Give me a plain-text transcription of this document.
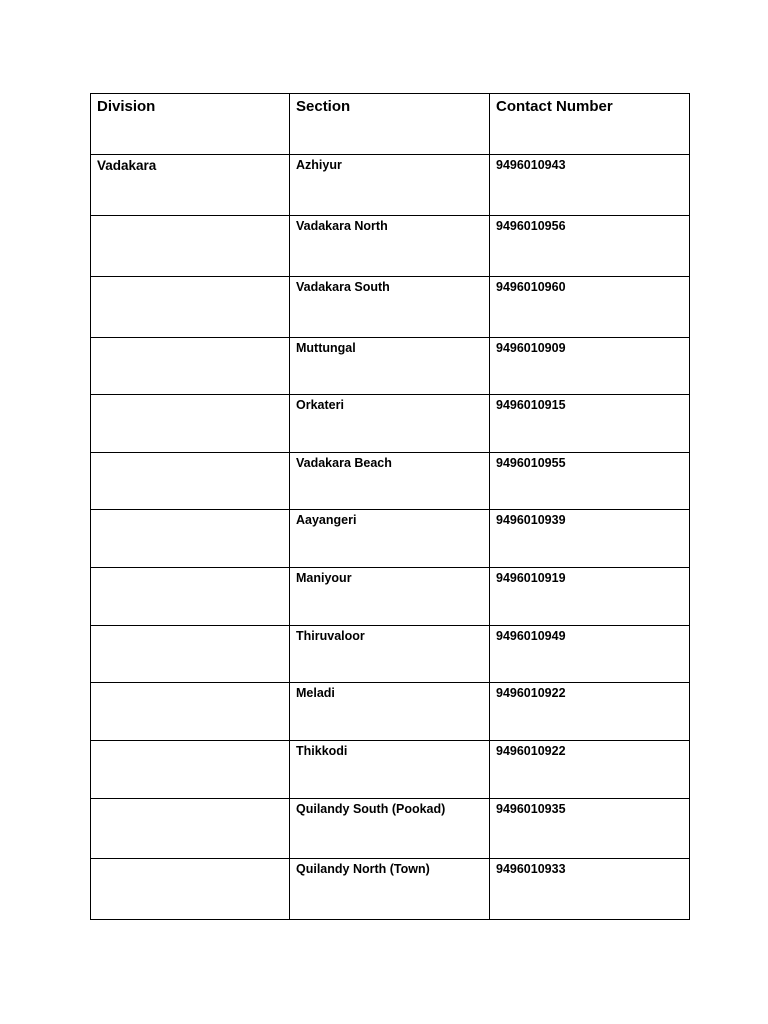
Division	Section	Contact Number

Vadakara	Azhiyur	9496010943

	Vadakara North	9496010956

	Vadakara South	9496010960

	Muttungal	9496010909

	Orkateri	9496010915

	Vadakara Beach	9496010955

	Aayangeri	9496010939

	Maniyour	9496010919

	Thiruvaloor	9496010949

	Meladi	9496010922

	Thikkodi	9496010922

	Quilandy South (Pookad)	9496010935

	Quilandy North (Town)	9496010933
